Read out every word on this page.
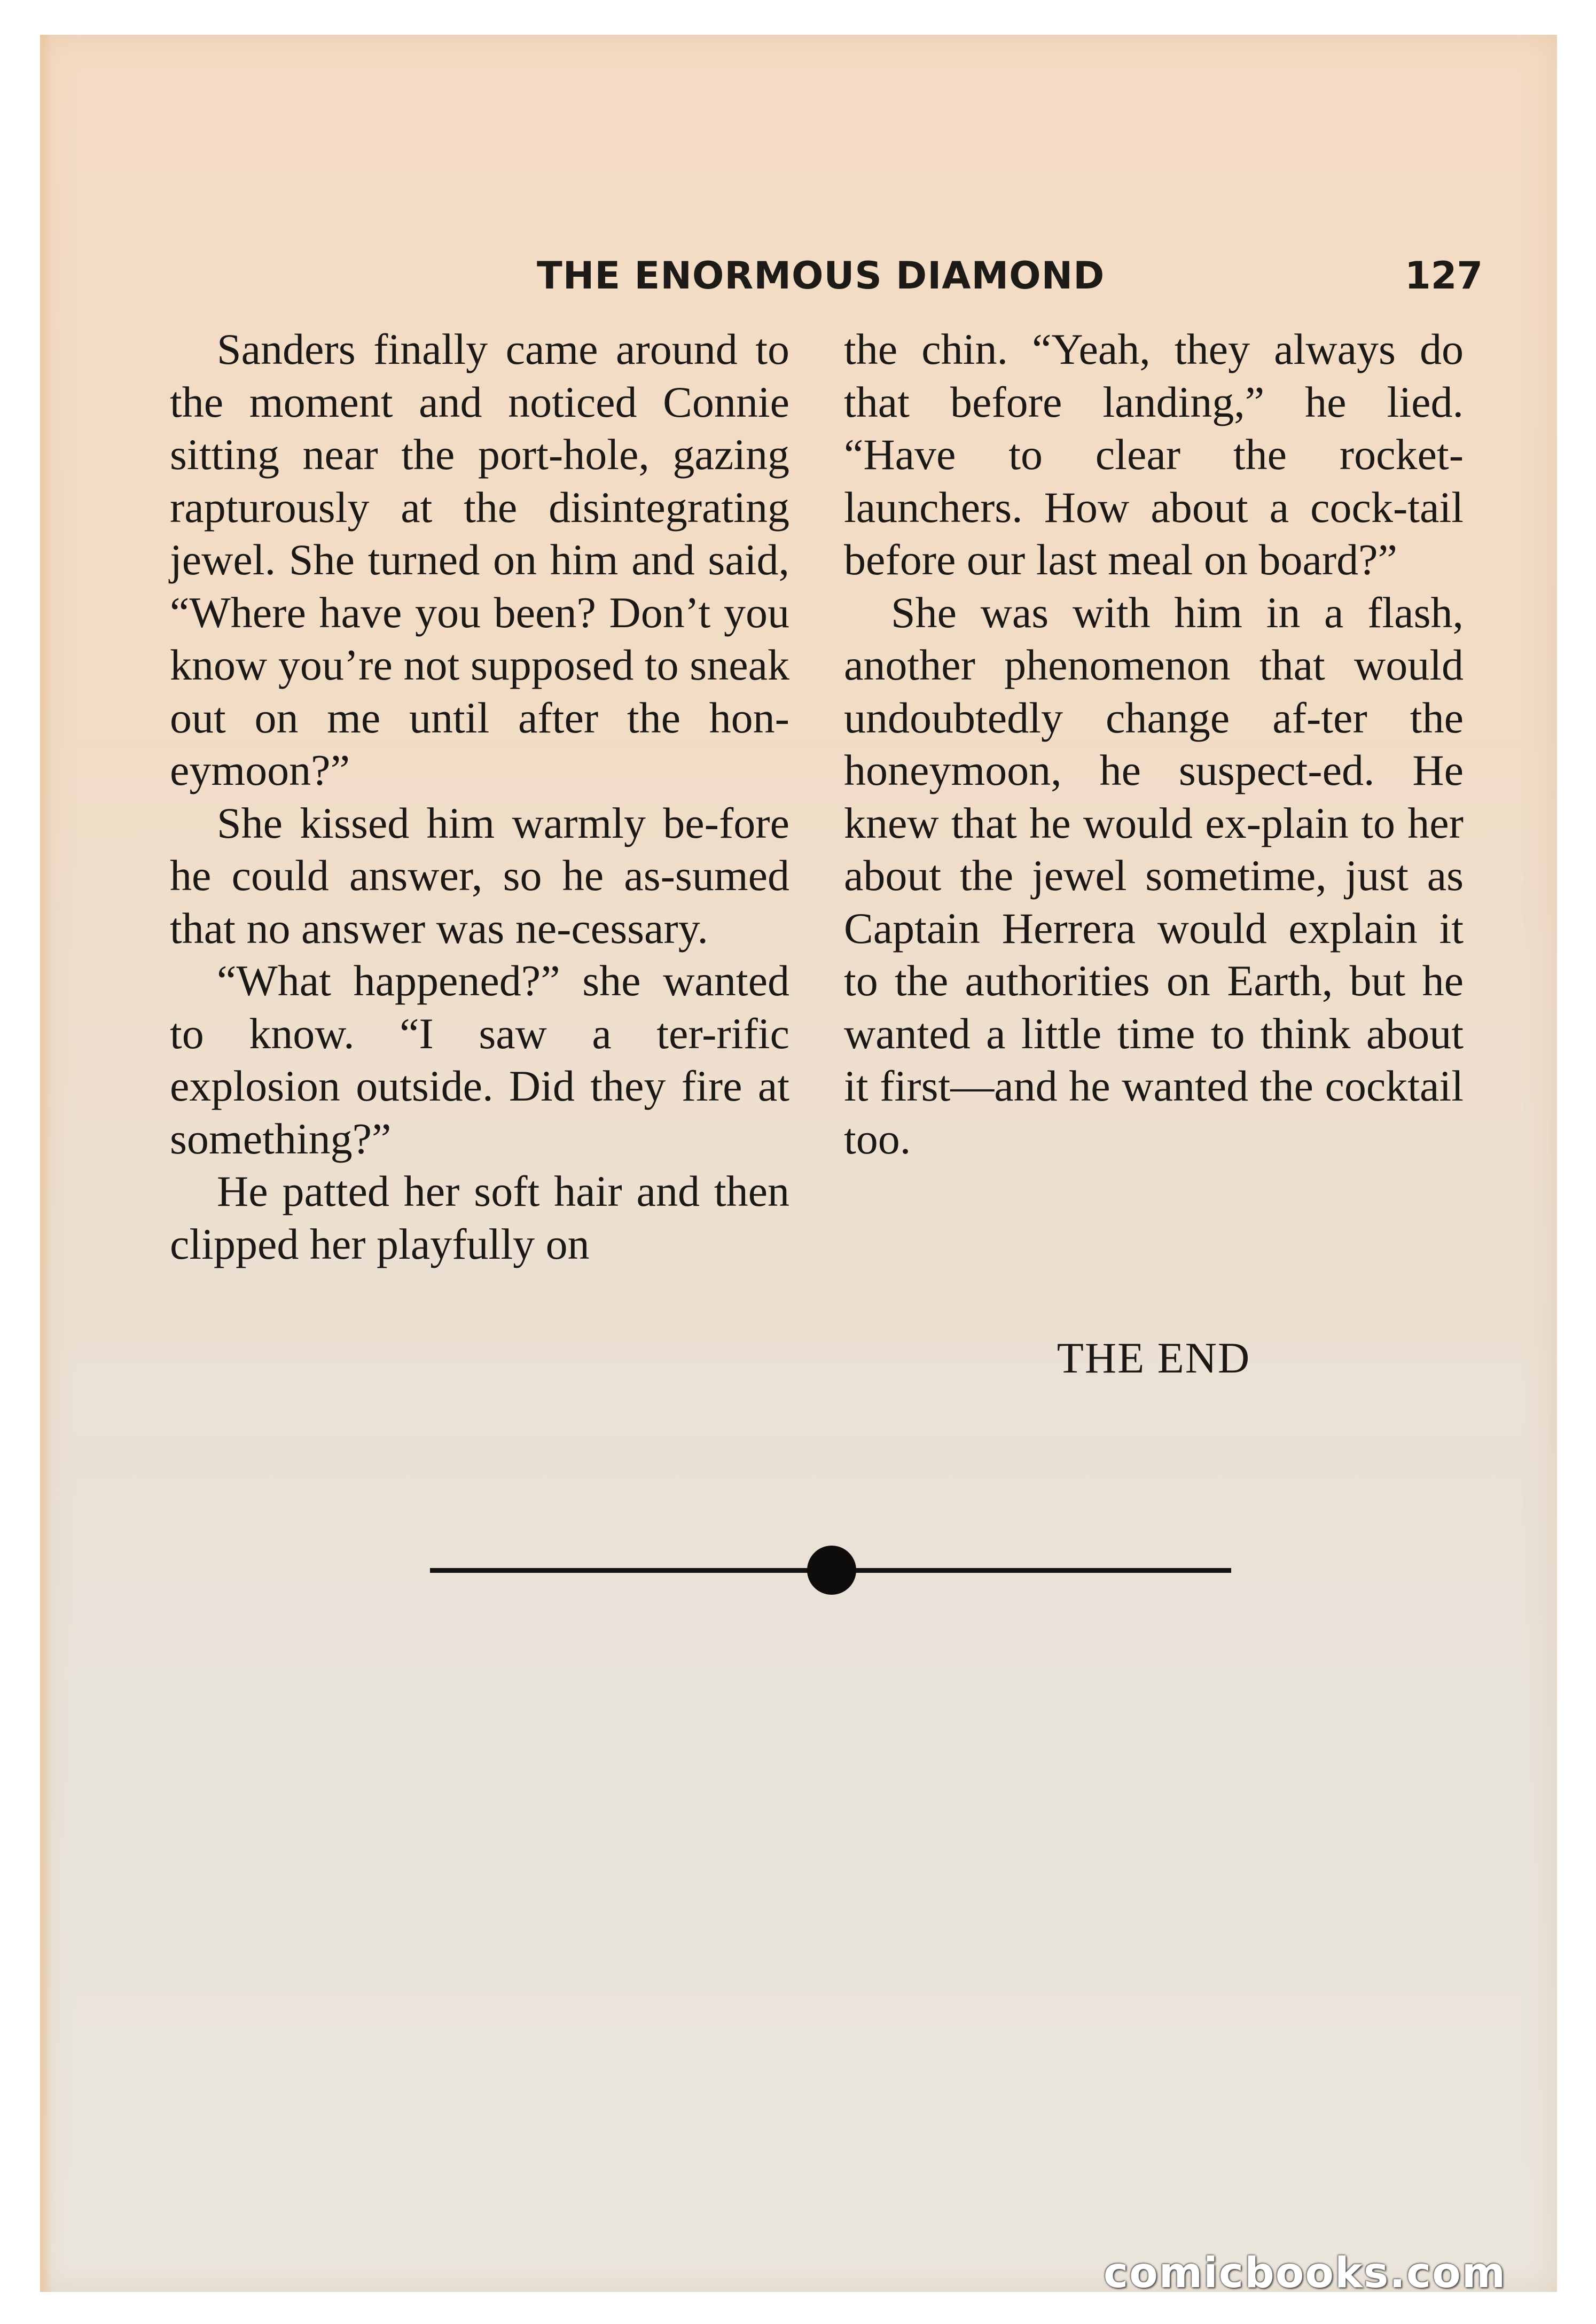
THE ENORMOUS DIAMOND	127

Sanders finally came around to the moment and noticed Connie sitting near the port-hole, gazing rapturously at the disintegrating jewel. She turned on him and said, “Where have you been? Don’t you know you’re not supposed to sneak out on me until after the hon-eymoon?”

She kissed him warmly be-fore he could answer, so he as-sumed that no answer was ne-cessary.

“What happened?” she wanted to know. “I saw a ter-rific explosion outside. Did they fire at something?”

He patted her soft hair and then clipped her playfully on

the chin. “Yeah, they always do that before landing,” he lied. “Have to clear the rocket-launchers. How about a cock-tail before our last meal on board?”

She was with him in a flash, another phenomenon that would undoubtedly change af-ter the honeymoon, he suspect-ed. He knew that he would ex-plain to her about the jewel sometime, just as Captain Herrera would explain it to the authorities on Earth, but he wanted a little time to think about it first—and he wanted the cocktail too.

THE END
comicbooks.com
